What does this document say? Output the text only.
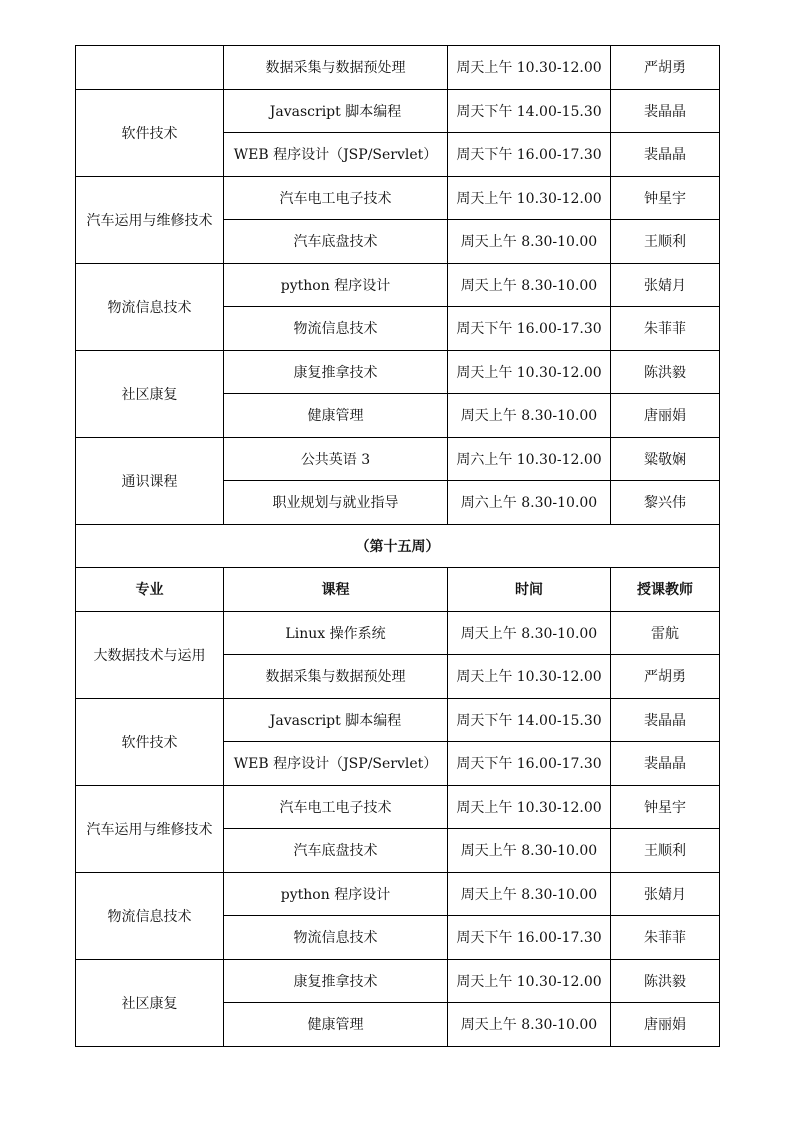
	数据采集与数据预处理	周天上午 10.30-12.00	严胡勇
软件技术	Javascript 脚本编程	周天下午 14.00-15.30	裴晶晶
	WEB 程序设计（JSP/Servlet）	周天下午 16.00-17.30	裴晶晶
汽车运用与维修技术	汽车电工电子技术	周天上午 10.30-12.00	钟星宇
	汽车底盘技术	周天上午 8.30-10.00	王顺利
物流信息技术	python 程序设计	周天上午 8.30-10.00	张婧月
	物流信息技术	周天下午 16.00-17.30	朱菲菲
社区康复	康复推拿技术	周天上午 10.30-12.00	陈洪毅
	健康管理	周天上午 8.30-10.00	唐丽娟
通识课程	公共英语 3	周六上午 10.30-12.00	粱敬娴
	职业规划与就业指导	周六上午 8.30-10.00	黎兴伟
（第十五周）			
专业	课程	时间	授课教师
大数据技术与运用	Linux 操作系统	周天上午 8.30-10.00	雷航
	数据采集与数据预处理	周天上午 10.30-12.00	严胡勇
软件技术	Javascript 脚本编程	周天下午 14.00-15.30	裴晶晶
	WEB 程序设计（JSP/Servlet）	周天下午 16.00-17.30	裴晶晶
汽车运用与维修技术	汽车电工电子技术	周天上午 10.30-12.00	钟星宇
	汽车底盘技术	周天上午 8.30-10.00	王顺利
物流信息技术	python 程序设计	周天上午 8.30-10.00	张婧月
	物流信息技术	周天下午 16.00-17.30	朱菲菲
社区康复	康复推拿技术	周天上午 10.30-12.00	陈洪毅
	健康管理	周天上午 8.30-10.00	唐丽娟
